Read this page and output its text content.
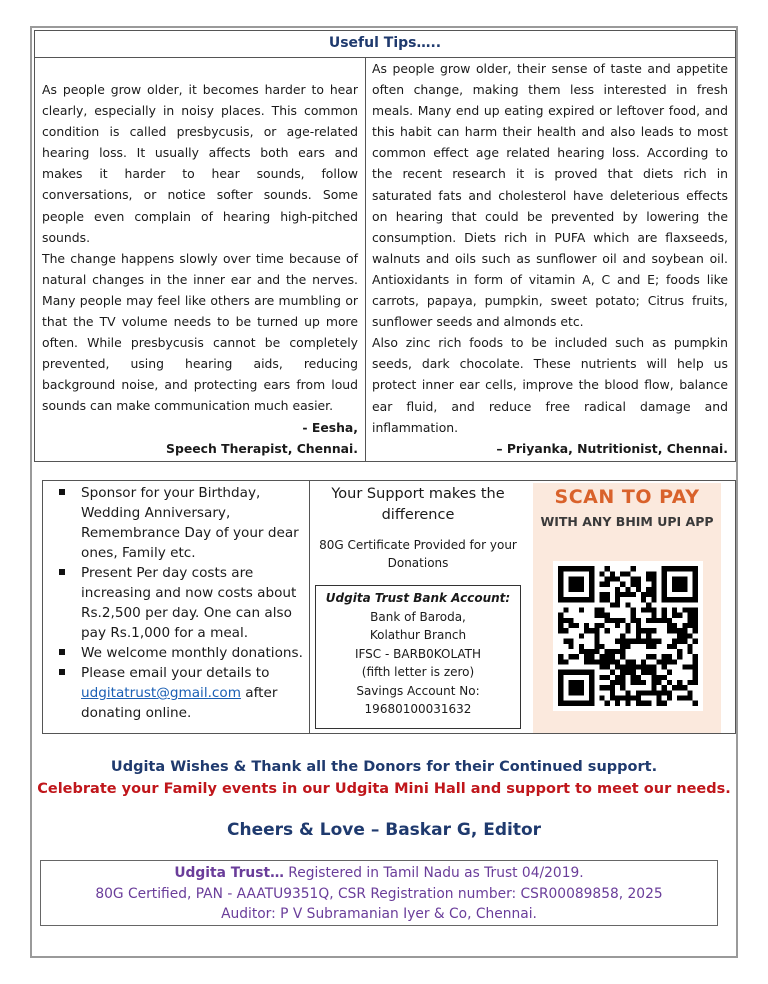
Useful Tips…..

As people grow older, it becomes harder to hear clearly, especially in noisy places. This common condition is called presbycusis, or age-related hearing loss. It usually affects both ears and makes it harder to hear sounds, follow conversations, or notice softer sounds. Some people even complain of hearing high-pitched sounds.

The change happens slowly over time because of natural changes in the inner ear and the nerves. Many people may feel like others are mumbling or that the TV volume needs to be turned up more often. While presbycusis cannot be completely prevented, using hearing aids, reducing background noise, and protecting ears from loud sounds can make communication much easier.

- Eesha,
Speech Therapist, Chennai.

As people grow older, their sense of taste and appetite often change, making them less interested in fresh meals. Many end up eating expired or leftover food, and this habit can harm their health and also leads to most common effect age related hearing loss. According to the recent research it is proved that diets rich in saturated fats and cholesterol have deleterious effects on hearing that could be prevented by lowering the consumption. Diets rich in PUFA which are flaxseeds, walnuts and oils such as sunflower oil and soybean oil. Antioxidants in form of vitamin A, C and E; foods like carrots, papaya, pumpkin, sweet potato; Citrus fruits, sunflower seeds and almonds etc.

Also zinc rich foods to be included such as pumpkin seeds, dark chocolate. These nutrients will help us protect inner ear cells, improve the blood flow, balance ear fluid, and reduce free radical damage and inflammation.

– Priyanka, Nutritionist, Chennai.
Sponsor for your Birthday, Wedding Anniversary, Remembrance Day of your dear ones, Family etc.
Present Per day costs are increasing and now costs about Rs.2,500 per day. One can also pay Rs.1,000 for a meal.
We welcome monthly donations.
Please email your details to udgitatrust@gmail.com after donating online.
Your Support makes the difference
80G Certificate Provided for your Donations
Udgita Trust Bank Account:
Bank of Baroda,
Kolathur Branch
IFSC - BARB0KOLATH
(fifth letter is zero)
Savings Account No:
19680100031632
SCAN TO PAY
WITH ANY BHIM UPI APP
Udgita Wishes & Thank all the Donors for their Continued support.
Celebrate your Family events in our Udgita Mini Hall and support to meet our needs.
Cheers & Love – Baskar G, Editor
Udgita Trust… Registered in Tamil Nadu as Trust 04/2019.
80G Certified, PAN - AAATU9351Q, CSR Registration number: CSR00089858, 2025
Auditor: P V Subramanian Iyer & Co, Chennai.
